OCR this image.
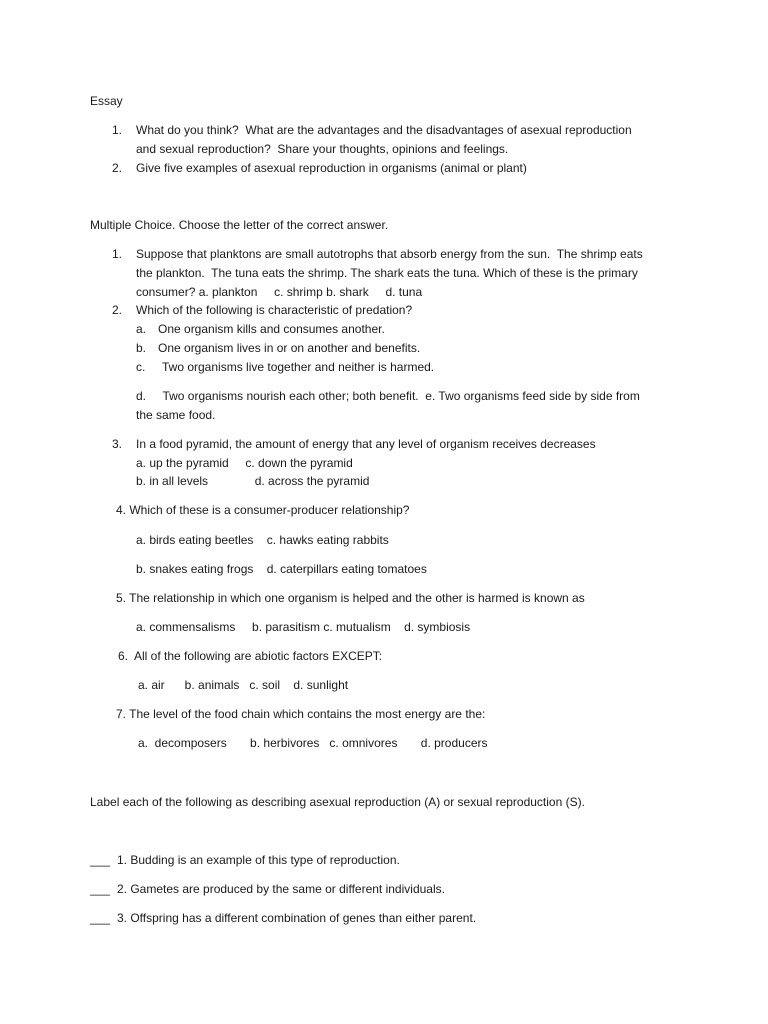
Essay
1. What do you think?  What are the advantages and the disadvantages of asexual reproduction
and sexual reproduction?  Share your thoughts, opinions and feelings.
2. Give five examples of asexual reproduction in organisms (animal or plant)
Multiple Choice. Choose the letter of the correct answer.
1. Suppose that planktons are small autotrophs that absorb energy from the sun.  The shrimp eats
the plankton.  The tuna eats the shrimp. The shark eats the tuna. Which of these is the primary
consumer? a. plankton     c. shrimp b. shark     d. tuna
2. Which of the following is characteristic of predation?
a. One organism kills and consumes another.
b. One organism lives in or on another and benefits.
c. Two organisms live together and neither is harmed.
d.     Two organisms nourish each other; both benefit.  e. Two organisms feed side by side from
the same food.
3. In a food pyramid, the amount of energy that any level of organism receives decreases
a. up the pyramid     c. down the pyramid
b. in all levels              d. across the pyramid
4. Which of these is a consumer-producer relationship?
a. birds eating beetles    c. hawks eating rabbits
b. snakes eating frogs    d. caterpillars eating tomatoes
5. The relationship in which one organism is helped and the other is harmed is known as
a. commensalisms     b. parasitism c. mutualism    d. symbiosis
6.  All of the following are abiotic factors EXCEPT:
a. air      b. animals   c. soil    d. sunlight
7. The level of the food chain which contains the most energy are the:
a.  decomposers       b. herbivores   c. omnivores       d. producers
Label each of the following as describing asexual reproduction (A) or sexual reproduction (S).
___ 1. Budding is an example of this type of reproduction.
___ 2. Gametes are produced by the same or different individuals.
___ 3. Offspring has a different combination of genes than either parent.
